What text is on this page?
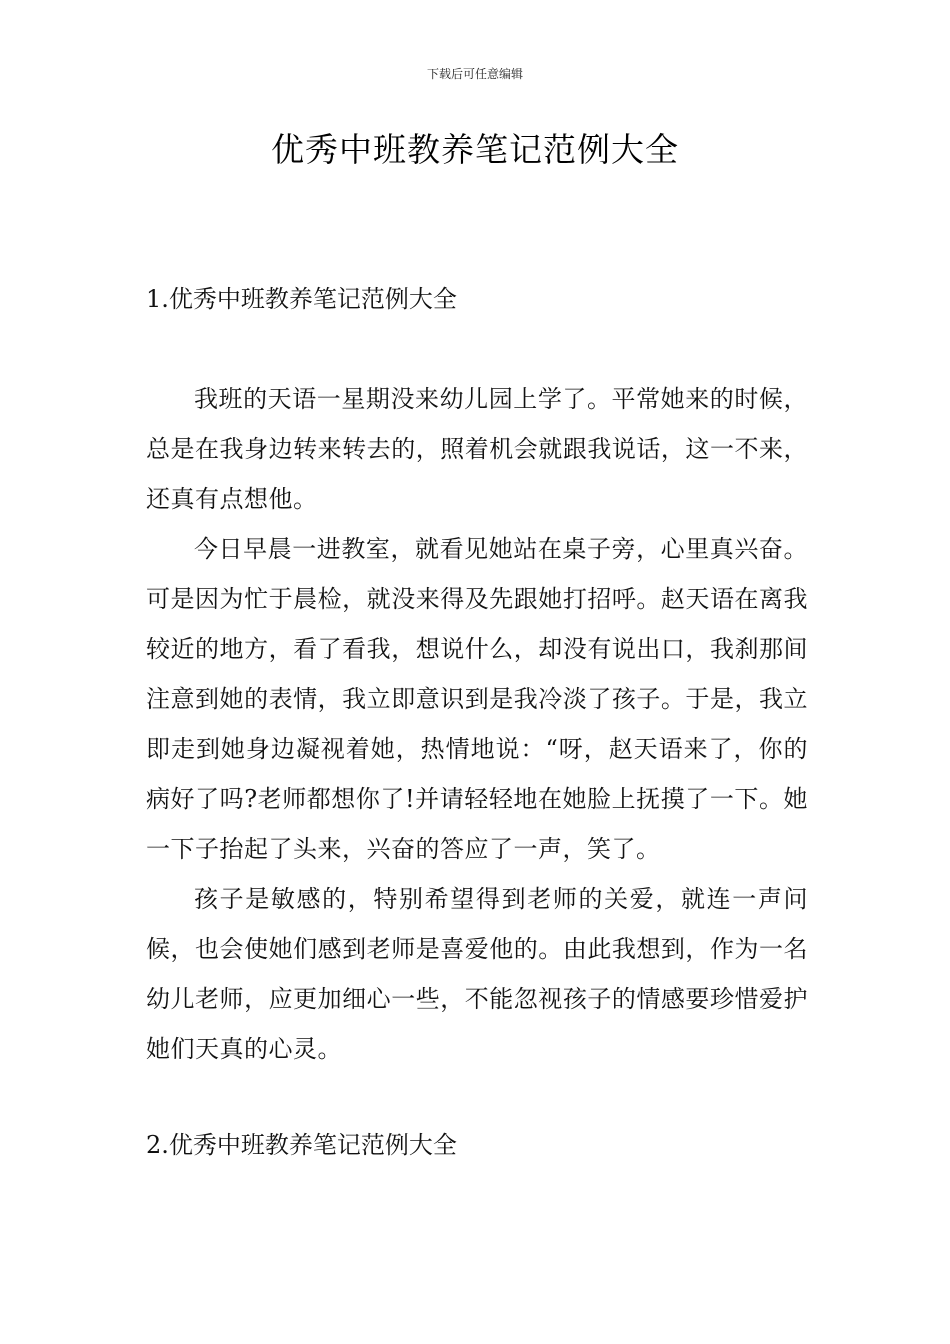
下载后可任意编辑
优秀中班教养笔记范例大全
1.优秀中班教养笔记范例大全

我班的天语一星期没来幼儿园上学了。平常她来的时候，总是在我身边转来转去的，照着机会就跟我说话，这一不来，还真有点想他。

今日早晨一进教室，就看见她站在桌子旁，心里真兴奋。可是因为忙于晨检，就没来得及先跟她打招呼。赵天语在离我较近的地方，看了看我，想说什么，却没有说出口，我刹那间注意到她的表情，我立即意识到是我冷淡了孩子。于是，我立即走到她身边凝视着她，热情地说：“呀，赵天语来了，你的病好了吗?老师都想你了!并请轻轻地在她脸上抚摸了一下。她一下子抬起了头来，兴奋的答应了一声，笑了。

孩子是敏感的，特别希望得到老师的关爱，就连一声问候，也会使她们感到老师是喜爱他的。由此我想到，作为一名幼儿老师，应更加细心一些，不能忽视孩子的情感要珍惜爱护她们天真的心灵。

2.优秀中班教养笔记范例大全
